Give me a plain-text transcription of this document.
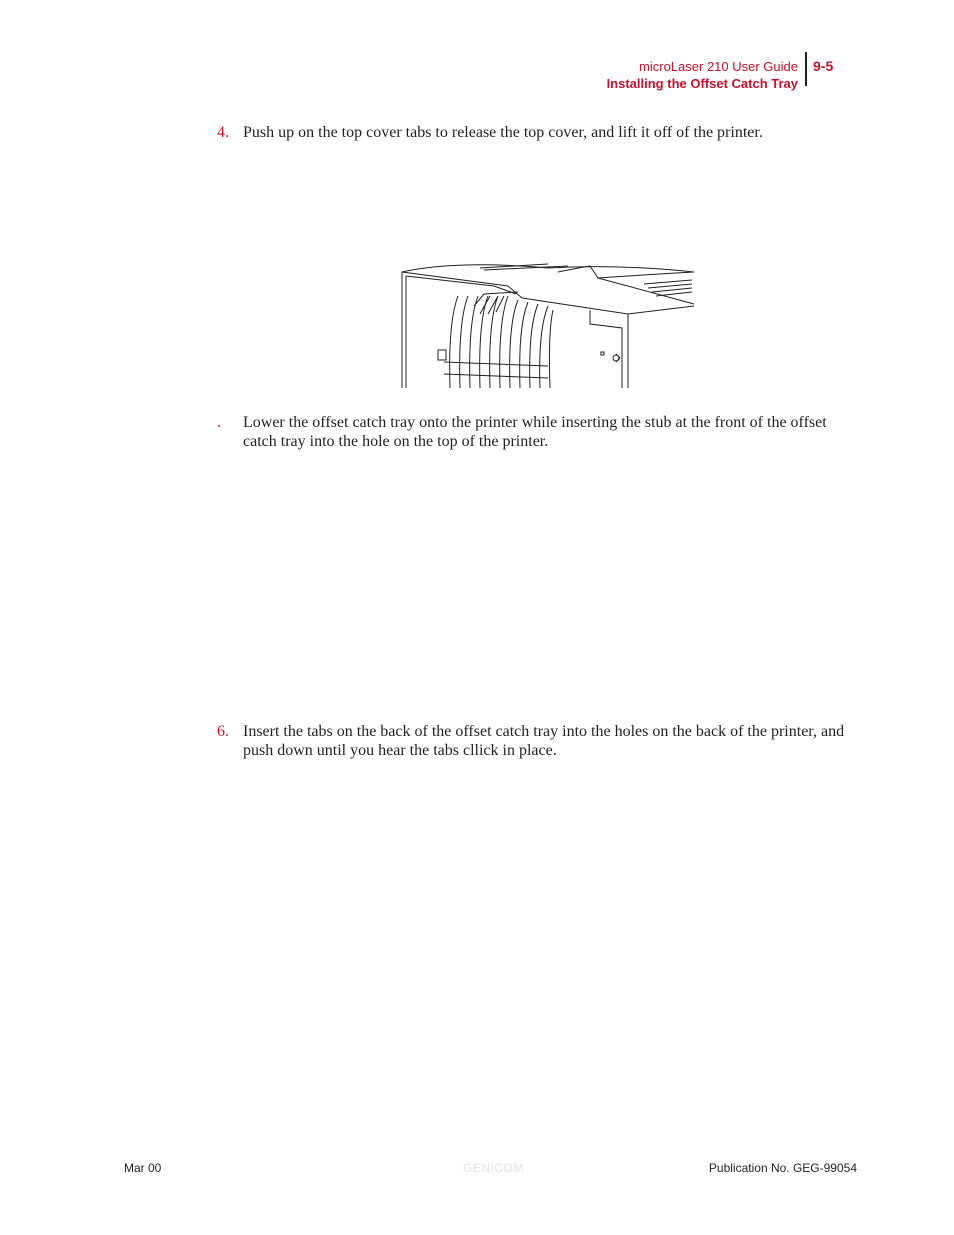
microLaser 210 User Guide
Installing the Offset Catch Tray
9-5
4. Push up on the top cover tabs to release the top cover, and lift it off of the printer.
. Lower the offset catch tray onto the printer while inserting the stub at the front of the offset catch tray into the hole on the top of the printer.
6. Insert the tabs on the back of the offset catch tray into the holes on the back of the printer, and push down until you hear the tabs cllick in place.
Mar 00	GENICOM	Publication No. GEG-99054
